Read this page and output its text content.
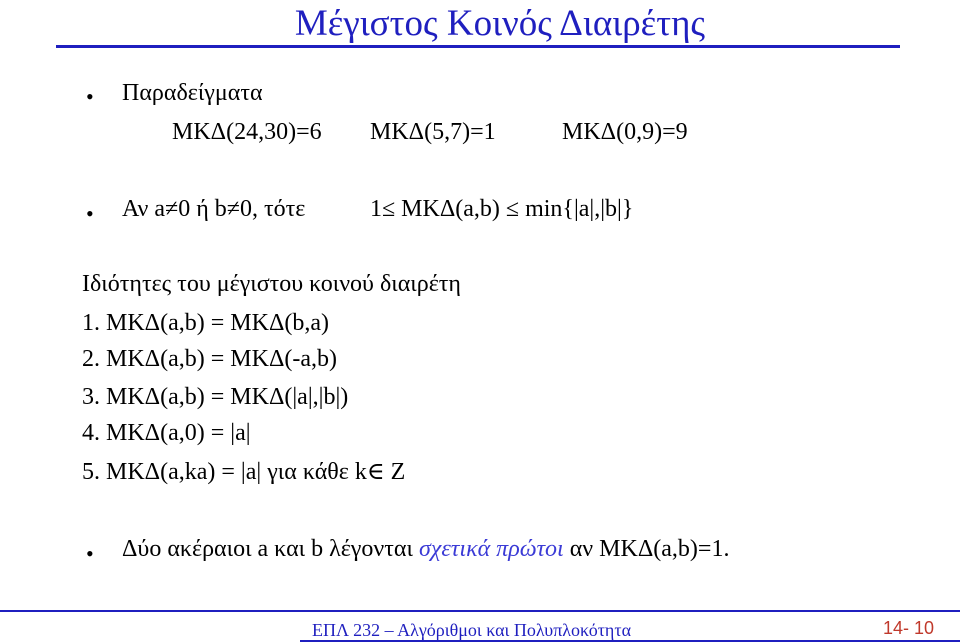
Μέγιστος Κοινός Διαιρέτης
• Παραδείγματα
ΜΚΔ(24,30)=6 ΜΚΔ(5,7)=1	ΜΚΔ(0,9)=9
• Αν a≠0 ή b≠0, τότε	1≤ ΜΚΔ(a,b) ≤ min{|a|,|b|}
Ιδιότητες του μέγιστου κοινού διαιρέτη
1. ΜΚΔ(a,b) = ΜΚΔ(b,a)
2. ΜΚΔ(a,b) = ΜΚΔ(-a,b)
3. ΜΚΔ(a,b) = ΜΚΔ(|a|,|b|)
4. ΜΚΔ(a,0) = |a|
5. ΜΚΔ(a,ka) = |a| για κάθε k∈ Z
• Δύο ακέραιοι a και b λέγονται σχετικά πρώτοι αν ΜΚΔ(a,b)=1.
ΕΠΛ 232 – Αλγόριθμοι και Πολυπλοκότητα	14- 10
